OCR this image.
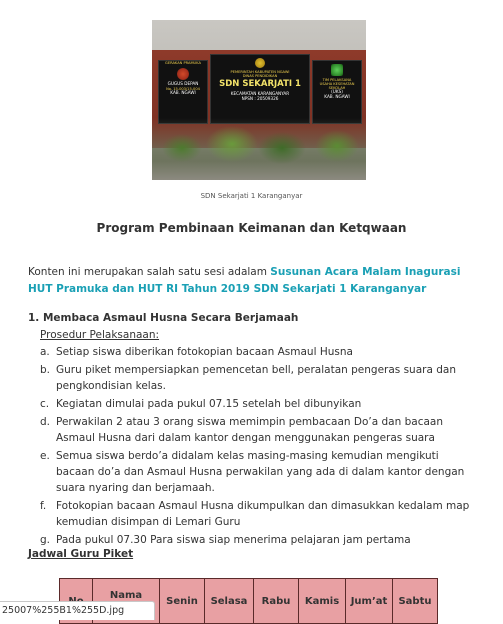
GERAKAN PRAMUKA
GUGUS DEPAN
No. 15-003/15-004
KAB. NGAWI
PEMERINTAH KABUPATEN NGAWI
DINAS PENDIDIKAN
SDN SEKARJATI 1
KECAMATAN KARANGANYAR
NPSN : 20509326
TIM PELAKSANA
USAHA KESEHATAN SEKOLAH
(UKS)
KAB. NGAWI
SDN Sekarjati 1 Karanganyar
Program Pembinaan Keimanan dan Ketqwaan
Konten ini merupakan salah satu sesi adalam Susunan Acara Malam Inagurasi HUT Pramuka dan HUT RI Tahun 2019 SDN Sekarjati 1 Karanganyar
1. Membaca Asmaul Husna Secara Berjamaah
Prosedur Pelaksanaan:
a. Setiap siswa diberikan fotokopian bacaan Asmaul Husna
b. Guru piket mempersiapkan pemencetan bell, peralatan pengeras suara dan pengkondisian kelas.
c. Kegiatan dimulai pada pukul 07.15 setelah bel dibunyikan
d. Perwakilan 2 atau 3 orang siswa memimpin pembacaan Do’a dan bacaan Asmaul Husna dari dalam kantor dengan menggunakan pengeras suara
e. Semua siswa berdo’a didalam kelas masing-masing kemudian mengikuti bacaan do’a dan Asmaul Husna perwakilan yang ada di dalam kantor dengan suara nyaring dan berjamaah.
f. Fotokopian bacaan Asmaul Husna dikumpulkan dan dimasukkan kedalam map kemudian disimpan di Lemari Guru
g. Pada pukul 07.30 Para siswa siap menerima pelajaran jam pertama
Jadwal Guru Piket
	Nama	Senin	Selasa	Rabu	Kamis	Jum’at	Sabtu
25007%255B1%255D.jpg
